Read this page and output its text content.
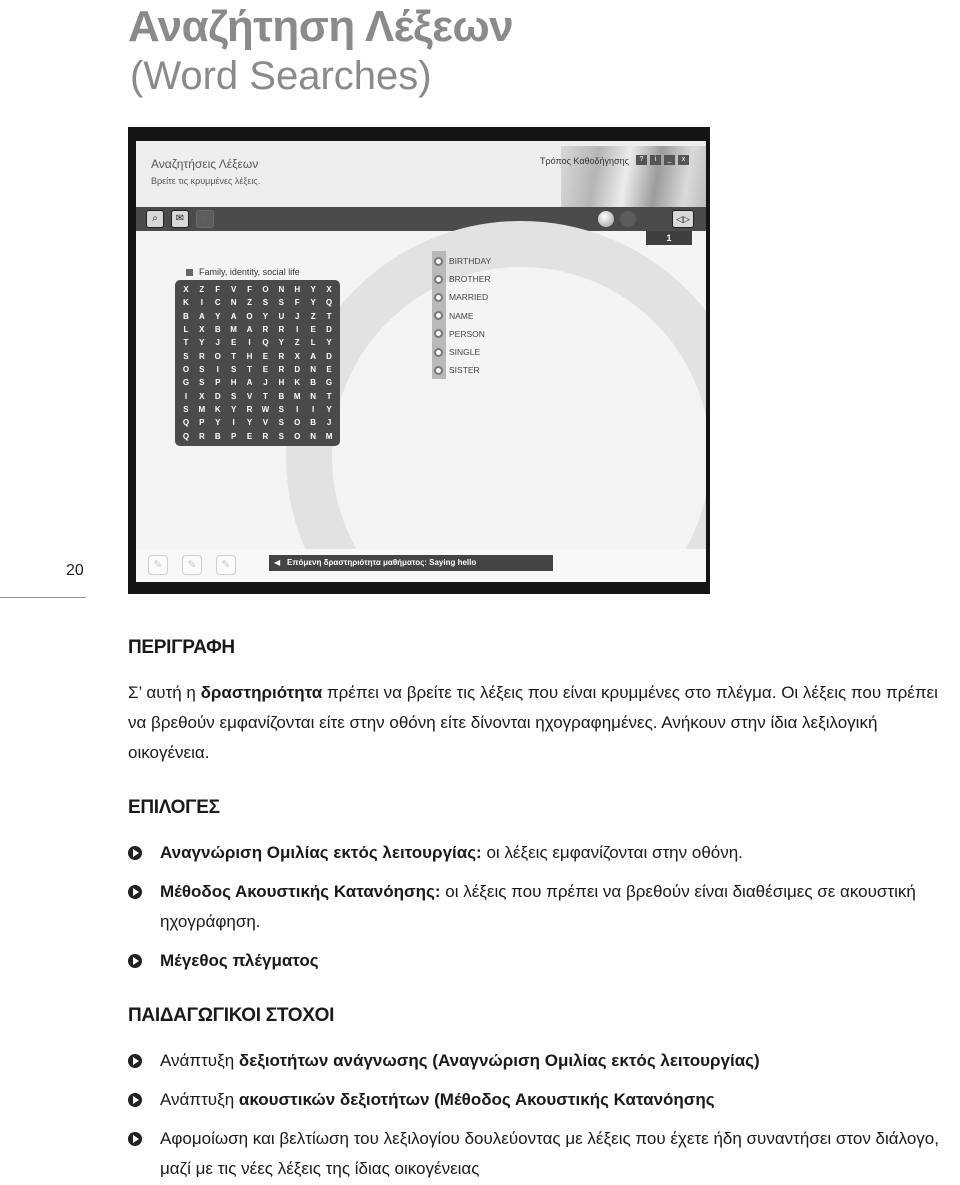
Αναζήτηση Λέξεων
(Word Searches)
20
Αναζητήσεις Λέξεων
Βρείτε τις κρυμμένες λέξεις.
Τρόπος Καθοδήγησης	?	i	_	x
⌕	✉	▫	◁▷
1
Family, identity, social life
X	Z	F	V	F	O	N	H	Y	X
K	I	C	N	Z	S	S	F	Y	Q
B	A	Y	A	O	Y	U	J	Z	T
L	X	B	M	A	R	R	I	E	D
T	Y	J	E	I	Q	Y	Z	L	Y
S	R	O	T	H	E	R	X	A	D
O	S	I	S	T	E	R	D	N	E
G	S	P	H	A	J	H	K	B	G
I	X	D	S	V	T	B	M	N	T
S	M	K	Y	R	W	S	I	I	Y
Q	P	Y	I	Y	V	S	O	B	J
Q	R	B	P	E	R	S	O	N	M
BIRTHDAY
BROTHER
MARRIED
NAME
PERSON
SINGLE
SISTER
✎	✎	✎	◀ Επόμενη δραστηριότητα μαθήματος: Saying hello
ΠΕΡΙΓΡΑΦΗ
Σ’ αυτή η δραστηριότητα πρέπει να βρείτε τις λέξεις που είναι κρυμμένες στο πλέγμα. Οι λέξεις που πρέπει να βρεθούν εμφανίζονται είτε στην οθόνη είτε δίνονται ηχογραφημένες. Ανήκουν στην ίδια λεξιλογική οικογένεια.
ΕΠΙΛΟΓΕΣ
Αναγνώριση Ομιλίας εκτός λειτουργίας: οι λέξεις εμφανίζονται στην οθόνη.
Μέθοδος Ακουστικής Κατανόησης: οι λέξεις που πρέπει να βρεθούν είναι διαθέσιμες σε ακουστική ηχογράφηση.
Μέγεθος πλέγματος
ΠΑΙΔΑΓΩΓΙΚΟΙ ΣΤΟΧΟΙ
Ανάπτυξη δεξιοτήτων ανάγνωσης (Αναγνώριση Ομιλίας εκτός λειτουργίας)
Ανάπτυξη ακουστικών δεξιοτήτων (Μέθοδος Ακουστικής Κατανόησης
Αφομοίωση και βελτίωση του λεξιλογίου δουλεύοντας με λέξεις που έχετε ήδη συναντήσει στον διάλογο, μαζί με τις νέες λέξεις της ίδιας οικογένειας
